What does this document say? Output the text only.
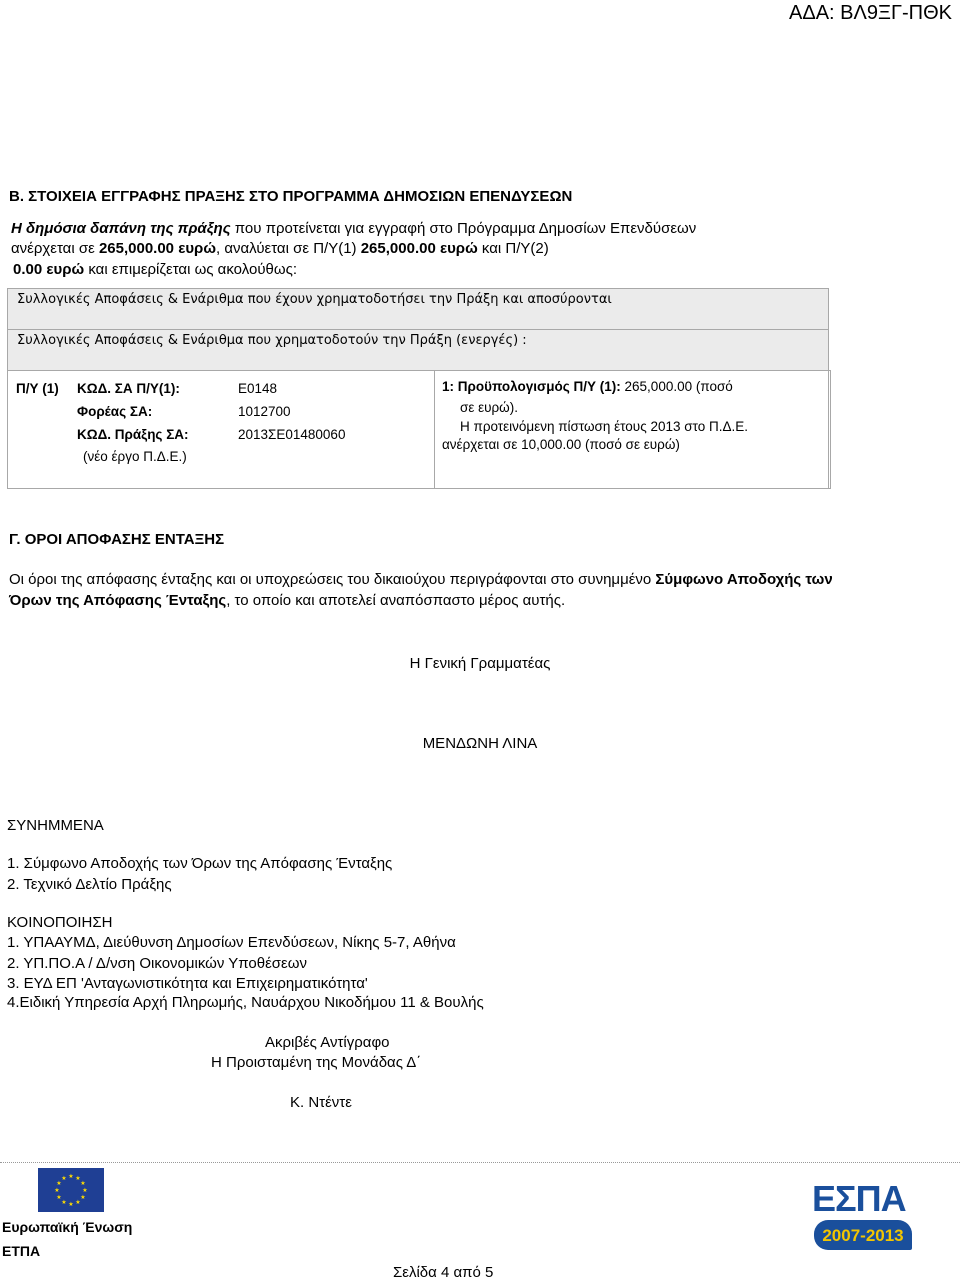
ΑΔΑ: ΒΛ9ΞΓ-ΠΘΚ
Β. ΣΤΟΙΧΕΙΑ ΕΓΓΡΑΦΗΣ ΠΡΑΞΗΣ ΣΤΟ ΠΡΟΓΡΑΜΜΑ ΔΗΜΟΣΙΩΝ ΕΠΕΝΔΥΣΕΩΝ
Η δημόσια δαπάνη της πράξης που προτείνεται για εγγραφή στο Πρόγραμμα Δημοσίων Επενδύσεων
ανέρχεται σε 265,000.00 ευρώ, αναλύεται σε Π/Υ(1) 265,000.00 ευρώ και Π/Υ(2)
0.00 ευρώ και επιμερίζεται ως ακολούθως:
Συλλογικές Αποφάσεις & Ενάριθμα που έχουν χρηματοδοτήσει την Πράξη και αποσύρονται
Συλλογικές Αποφάσεις & Ενάριθμα που χρηματοδοτούν την Πράξη (ενεργές) :
Π/Υ (1) ΚΩΔ. ΣΑ Π/Υ(1):	Ε0148
Φορέας ΣΑ:	1012700
ΚΩΔ. Πράξης ΣΑ:	2013ΣΕ01480060
(νέο έργο Π.Δ.Ε.)
1: Προϋπολογισμός Π/Υ (1): 265,000.00 (ποσό
σε ευρώ).
Η προτεινόμενη πίστωση έτους 2013 στο Π.Δ.Ε.
ανέρχεται σε 10,000.00 (ποσό σε ευρώ)
Γ. ΟΡΟΙ ΑΠΟΦΑΣΗΣ ΕΝΤΑΞΗΣ
Οι όροι της απόφασης ένταξης και οι υποχρεώσεις του δικαιούχου περιγράφονται στο συνημμένο Σύμφωνο Αποδοχής των
Όρων της Απόφασης Ένταξης, το οποίο και αποτελεί αναπόσπαστο μέρος αυτής.
Η Γενική Γραμματέας
ΜΕΝΔΩΝΗ ΛΙΝΑ
ΣΥΝΗΜΜΕΝΑ
1. Σύμφωνο Αποδοχής των Όρων της Απόφασης Ένταξης
2. Τεχνικό Δελτίο Πράξης
ΚΟΙΝΟΠΟΙΗΣΗ
1. ΥΠΑΑΥΜΔ, Διεύθυνση Δημοσίων Επενδύσεων, Νίκης 5-7, Αθήνα
2. ΥΠ.ΠΟ.Α / Δ/νση Οικονομικών Υποθέσεων
3. ΕΥΔ ΕΠ 'Ανταγωνιστικότητα και Επιχειρηματικότητα'
4.Ειδική Υπηρεσία Αρχή Πληρωμής, Ναυάρχου Νικοδήμου 11 & Βουλής
Ακριβές Αντίγραφο
Η Προισταμένη της Μονάδας Δ΄
Κ. Ντέντε
★ ★
★
★
★
★
★
★
★
★
★
★
Ευρωπαϊκή Ένωση
ΕΤΠΑ
Σελίδα 4 από 5
ΕΣΠΑ
2007-2013
